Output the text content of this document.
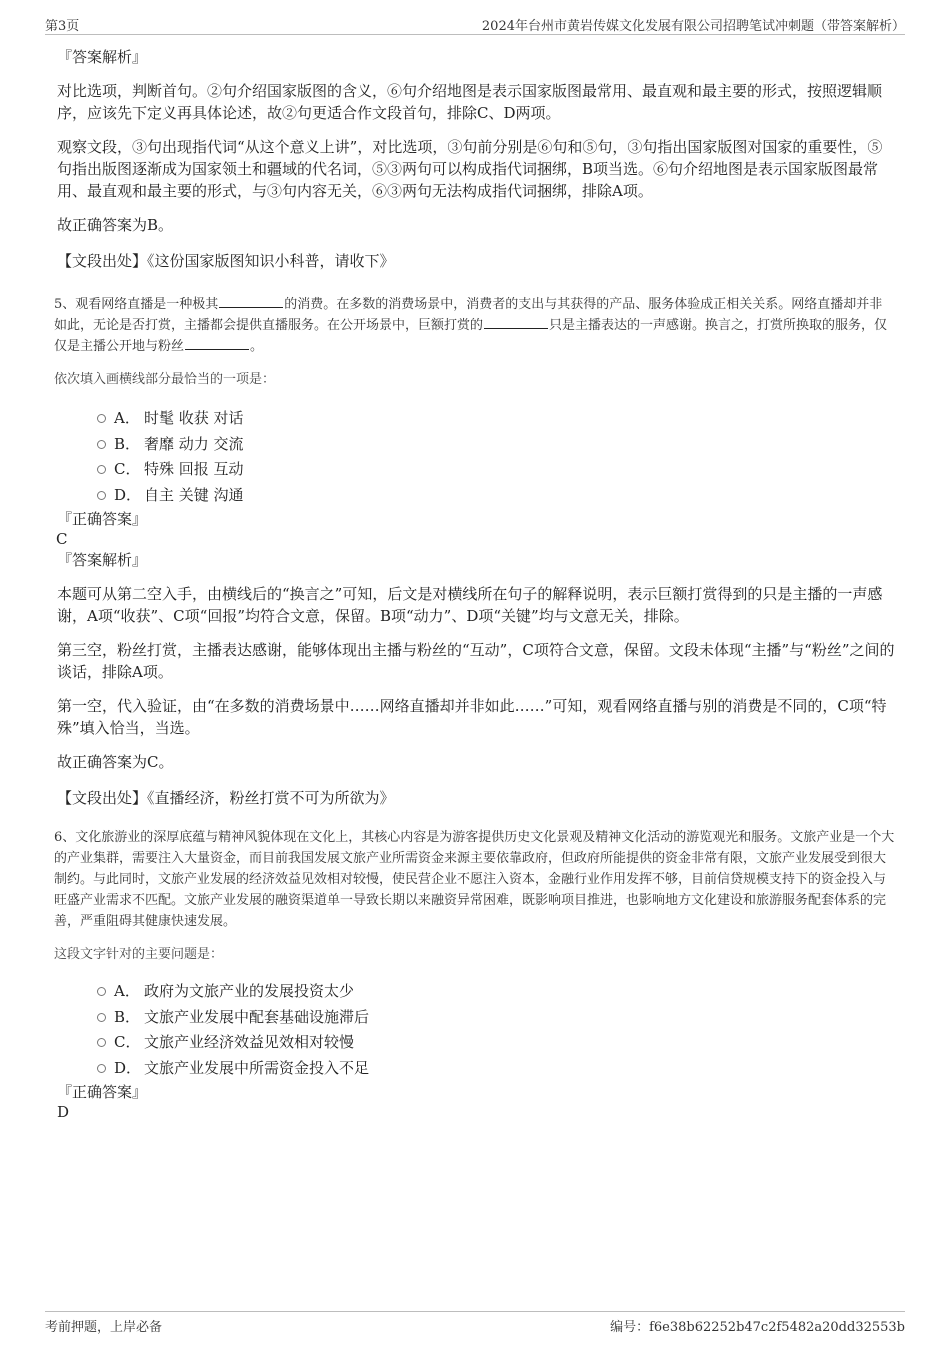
第3页	2024年台州市黄岩传媒文化发展有限公司招聘笔试冲刺题（带答案解析）

『答案解析』

对比选项，判断首句。②句介绍国家版图的含义，⑥句介绍地图是表示国家版图最常用、最直观和最主要的形式，按照逻辑顺序，应该先下定义再具体论述，故②句更适合作文段首句，排除C、D两项。

观察文段，③句出现指代词“从这个意义上讲”，对比选项，③句前分别是⑥句和⑤句，③句指出国家版图对国家的重要性，⑤句指出版图逐渐成为国家领土和疆域的代名词，⑤③两句可以构成指代词捆绑，B项当选。⑥句介绍地图是表示国家版图最常用、最直观和最主要的形式，与③句内容无关，⑥③两句无法构成指代词捆绑，排除A项。

故正确答案为B。

【文段出处】《这份国家版图知识小科普，请收下》

5、观看网络直播是一种极其	的消费。在多数的消费场景中，消费者的支出与其获得的产品、服务体验成正相关关系。网络直播却并非如此，无论是否打赏，主播都会提供直播服务。在公开场景中，巨额打赏的	只是主播表达的一声感谢。换言之，打赏所换取的服务，仅仅是主播公开地与粉丝	。

依次填入画横线部分最恰当的一项是：

A． 时髦 收获 对话
B． 奢靡 动力 交流
C． 特殊 回报 互动
D． 自主 关键 沟通

『正确答案』

C

『答案解析』

本题可从第二空入手，由横线后的“换言之”可知，后文是对横线所在句子的解释说明，表示巨额打赏得到的只是主播的一声感谢，A项“收获”、C项“回报”均符合文意，保留。B项“动力”、D项“关键”均与文意无关，排除。

第三空，粉丝打赏，主播表达感谢，能够体现出主播与粉丝的“互动”，C项符合文意，保留。文段未体现“主播”与“粉丝”之间的谈话，排除A项。

第一空，代入验证，由“在多数的消费场景中……网络直播却并非如此……”可知，观看网络直播与别的消费是不同的，C项“特殊”填入恰当，当选。

故正确答案为C。

【文段出处】《直播经济，粉丝打赏不可为所欲为》

6、文化旅游业的深厚底蕴与精神风貌体现在文化上，其核心内容是为游客提供历史文化景观及精神文化活动的游览观光和服务。文旅产业是一个大的产业集群，需要注入大量资金，而目前我国发展文旅产业所需资金来源主要依靠政府，但政府所能提供的资金非常有限，文旅产业发展受到很大制约。与此同时，文旅产业发展的经济效益见效相对较慢，使民营企业不愿注入资本，金融行业作用发挥不够，目前信贷规模支持下的资金投入与旺盛产业需求不匹配。文旅产业发展的融资渠道单一导致长期以来融资异常困难，既影响项目推进，也影响地方文化建设和旅游服务配套体系的完善，严重阻碍其健康快速发展。

这段文字针对的主要问题是：

A． 政府为文旅产业的发展投资太少
B． 文旅产业发展中配套基础设施滞后
C． 文旅产业经济效益见效相对较慢
D． 文旅产业发展中所需资金投入不足

『正确答案』

D

考前押题，上岸必备	编号：f6e38b62252b47c2f5482a20dd32553b
